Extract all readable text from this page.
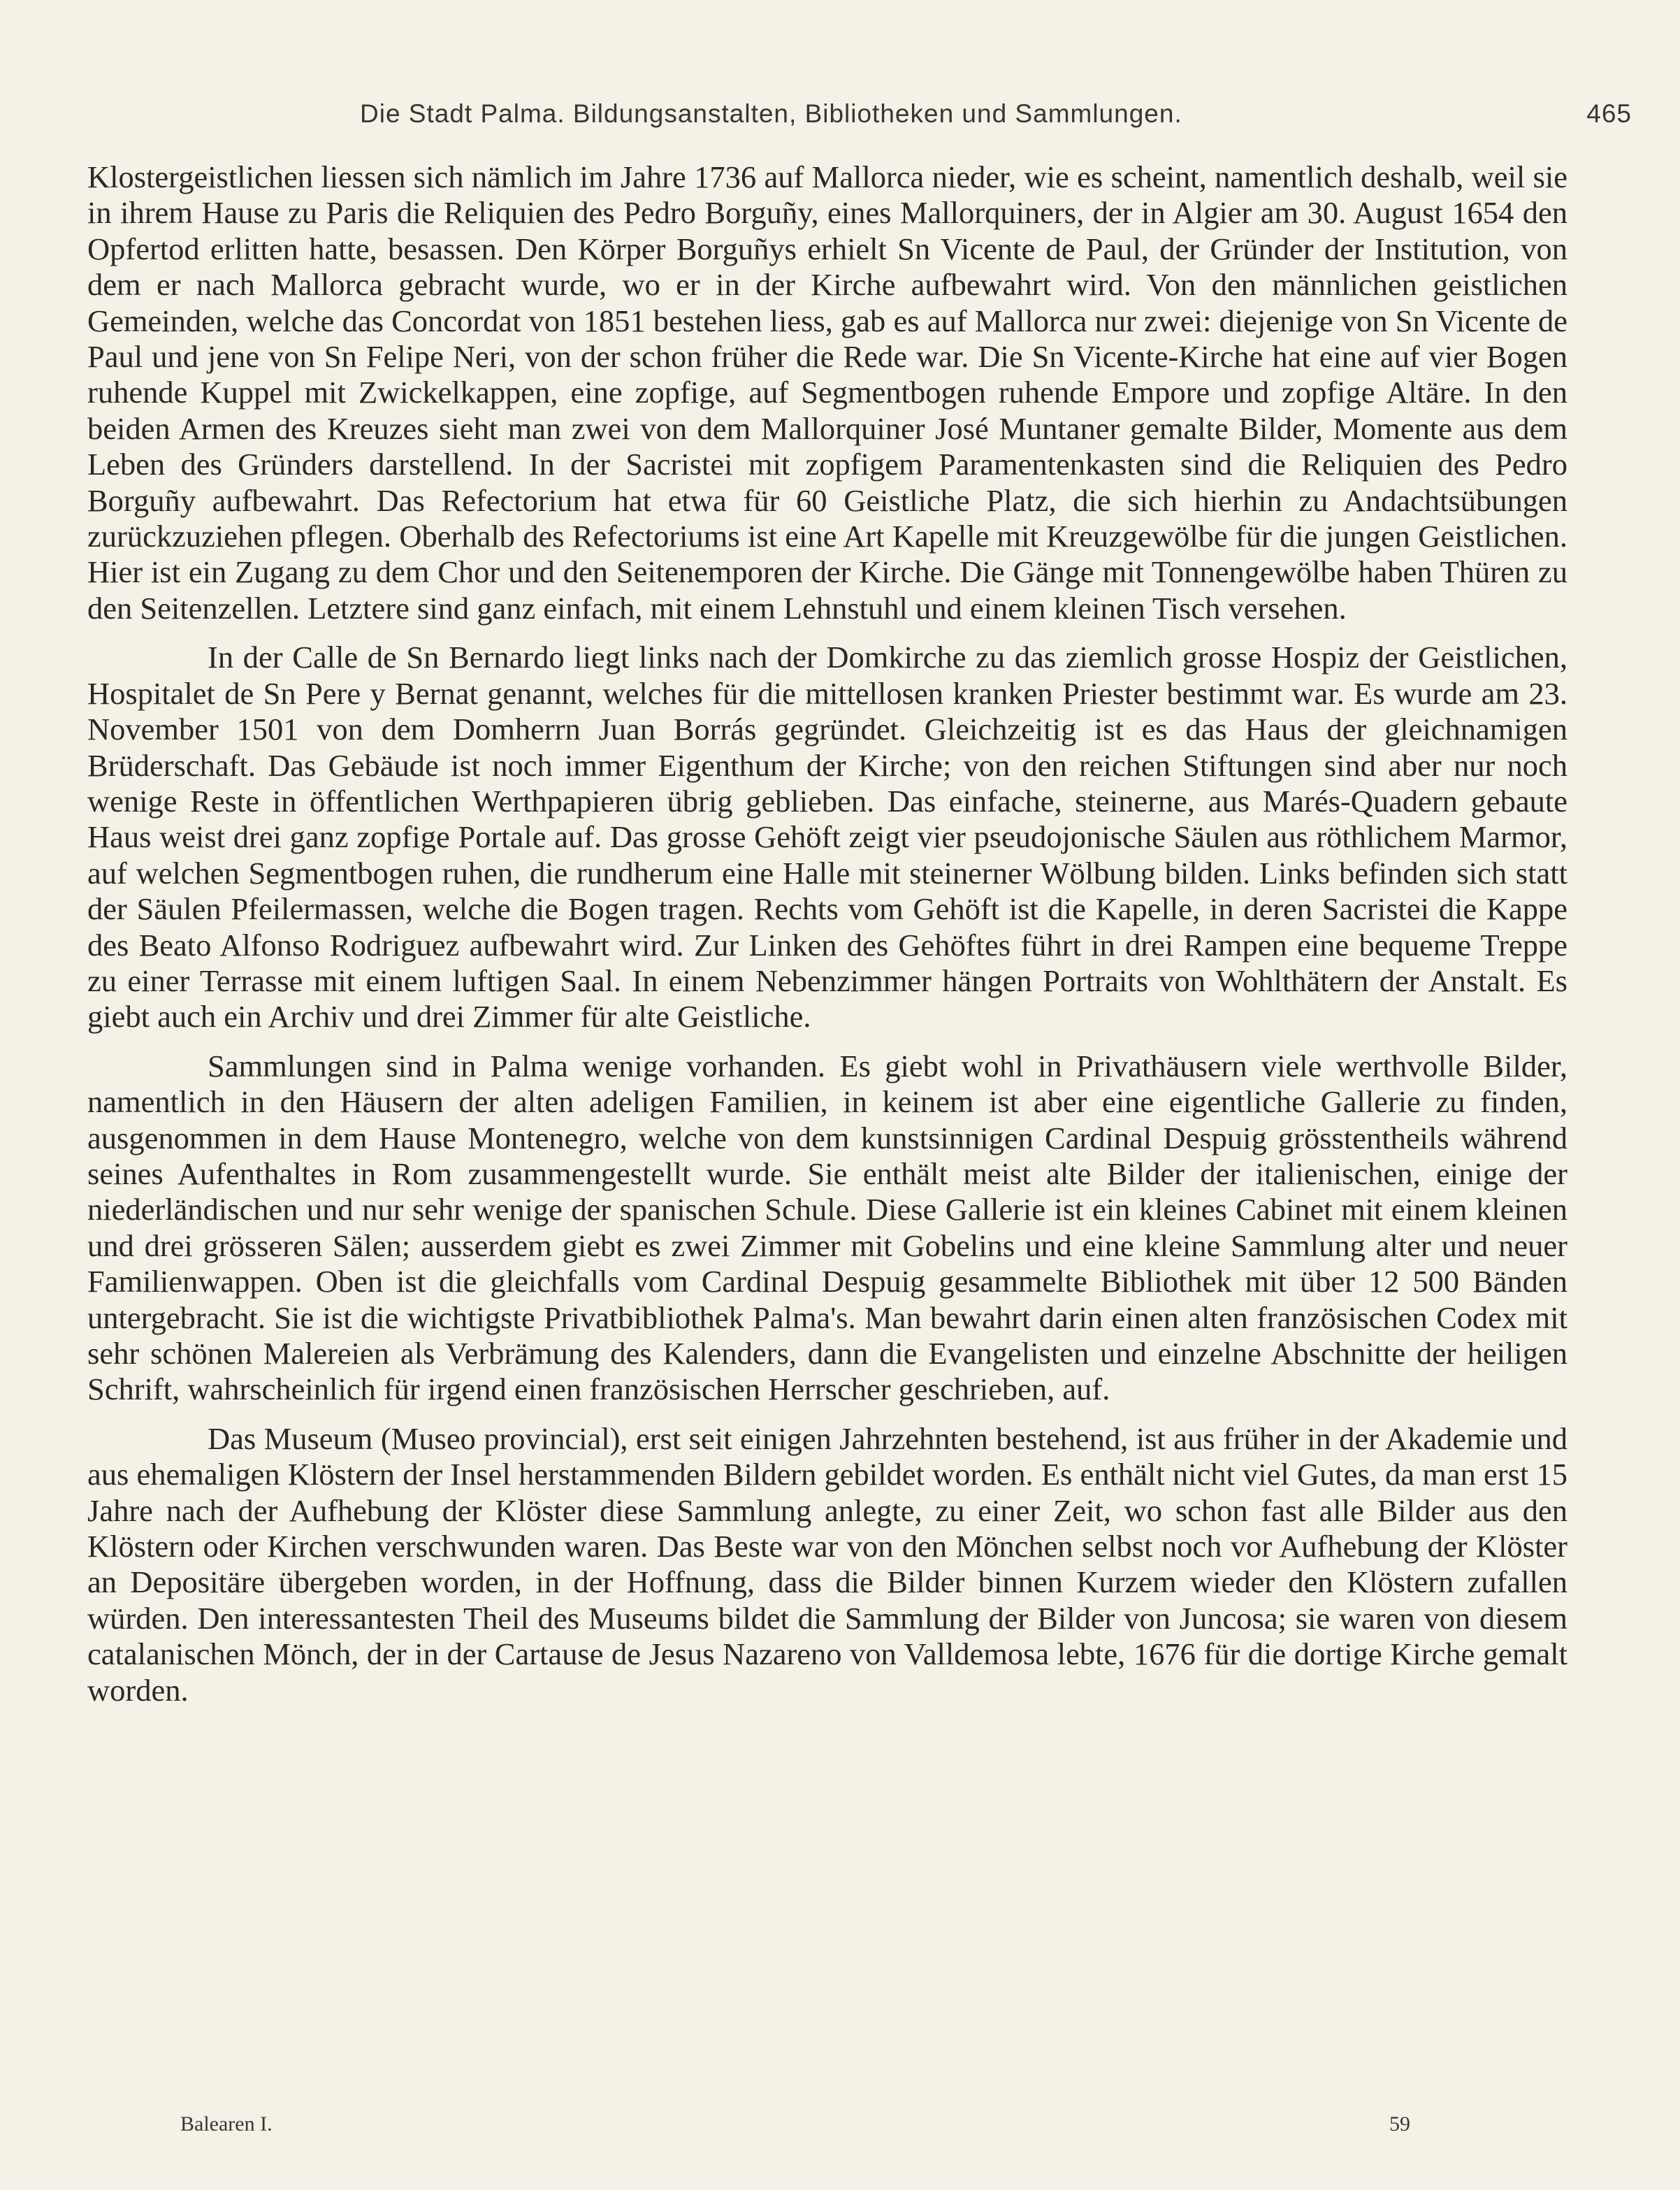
Die Stadt Palma. Bildungsanstalten, Bibliotheken und Sammlungen.	465

Klostergeistlichen liessen sich nämlich im Jahre 1736 auf Mallorca nieder, wie es scheint, namentlich deshalb, weil sie in ihrem Hause zu Paris die Reliquien des Pedro Borguñy, eines Mallorquiners, der in Algier am 30. August 1654 den Opfertod erlitten hatte, besassen. Den Körper Borguñys erhielt Sn Vicente de Paul, der Gründer der Institution, von dem er nach Mallorca gebracht wurde, wo er in der Kirche aufbewahrt wird. Von den männlichen geistlichen Gemeinden, welche das Concordat von 1851 bestehen liess, gab es auf Mallorca nur zwei: diejenige von Sn Vicente de Paul und jene von Sn Felipe Neri, von der schon früher die Rede war. Die Sn Vicente-Kirche hat eine auf vier Bogen ruhende Kuppel mit Zwickelkappen, eine zopfige, auf Segmentbogen ruhende Empore und zopfige Altäre. In den beiden Armen des Kreuzes sieht man zwei von dem Mallorquiner José Muntaner gemalte Bilder, Momente aus dem Leben des Gründers darstellend. In der Sacristei mit zopfigem Paramentenkasten sind die Reliquien des Pedro Borguñy aufbewahrt. Das Refectorium hat etwa für 60 Geistliche Platz, die sich hierhin zu Andachtsübungen zurückzuziehen pflegen. Oberhalb des Refectoriums ist eine Art Kapelle mit Kreuzgewölbe für die jungen Geistlichen. Hier ist ein Zugang zu dem Chor und den Seitenemporen der Kirche. Die Gänge mit Tonnengewölbe haben Thüren zu den Seitenzellen. Letztere sind ganz einfach, mit einem Lehnstuhl und einem kleinen Tisch versehen.

In der Calle de Sn Bernardo liegt links nach der Domkirche zu das ziemlich grosse Hospiz der Geistlichen, Hospitalet de Sn Pere y Bernat genannt, welches für die mittellosen kranken Priester bestimmt war. Es wurde am 23. November 1501 von dem Domherrn Juan Borrás gegründet. Gleichzeitig ist es das Haus der gleichnamigen Brüderschaft. Das Gebäude ist noch immer Eigenthum der Kirche; von den reichen Stiftungen sind aber nur noch wenige Reste in öffentlichen Werthpapieren übrig geblieben. Das einfache, steinerne, aus Marés-Quadern gebaute Haus weist drei ganz zopfige Portale auf. Das grosse Gehöft zeigt vier pseudojonische Säulen aus röthlichem Marmor, auf welchen Segmentbogen ruhen, die rundherum eine Halle mit steinerner Wölbung bilden. Links befinden sich statt der Säulen Pfeilermassen, welche die Bogen tragen. Rechts vom Gehöft ist die Kapelle, in deren Sacristei die Kappe des Beato Alfonso Rodriguez aufbewahrt wird. Zur Linken des Gehöftes führt in drei Rampen eine bequeme Treppe zu einer Terrasse mit einem luftigen Saal. In einem Nebenzimmer hängen Portraits von Wohlthätern der Anstalt. Es giebt auch ein Archiv und drei Zimmer für alte Geistliche.

Sammlungen sind in Palma wenige vorhanden. Es giebt wohl in Privathäusern viele werthvolle Bilder, namentlich in den Häusern der alten adeligen Familien, in keinem ist aber eine eigentliche Gallerie zu finden, ausgenommen in dem Hause Montenegro, welche von dem kunstsinnigen Cardinal Despuig grösstentheils während seines Aufenthaltes in Rom zusammengestellt wurde. Sie enthält meist alte Bilder der italienischen, einige der niederländischen und nur sehr wenige der spanischen Schule. Diese Gallerie ist ein kleines Cabinet mit einem kleinen und drei grösseren Sälen; ausserdem giebt es zwei Zimmer mit Gobelins und eine kleine Sammlung alter und neuer Familienwappen. Oben ist die gleichfalls vom Cardinal Despuig gesammelte Bibliothek mit über 12 500 Bänden untergebracht. Sie ist die wichtigste Privatbibliothek Palma's. Man bewahrt darin einen alten französischen Codex mit sehr schönen Malereien als Verbrämung des Kalenders, dann die Evangelisten und einzelne Abschnitte der heiligen Schrift, wahrscheinlich für irgend einen französischen Herrscher geschrieben, auf.

Das Museum (Museo provincial), erst seit einigen Jahrzehnten bestehend, ist aus früher in der Akademie und aus ehemaligen Klöstern der Insel herstammenden Bildern gebildet worden. Es enthält nicht viel Gutes, da man erst 15 Jahre nach der Aufhebung der Klöster diese Sammlung anlegte, zu einer Zeit, wo schon fast alle Bilder aus den Klöstern oder Kirchen verschwunden waren. Das Beste war von den Mönchen selbst noch vor Aufhebung der Klöster an Depositäre übergeben worden, in der Hoffnung, dass die Bilder binnen Kurzem wieder den Klöstern zufallen würden. Den interessantesten Theil des Museums bildet die Sammlung der Bilder von Juncosa; sie waren von diesem catalanischen Mönch, der in der Cartause de Jesus Nazareno von Valldemosa lebte, 1676 für die dortige Kirche gemalt worden.

Balearen I.	59
